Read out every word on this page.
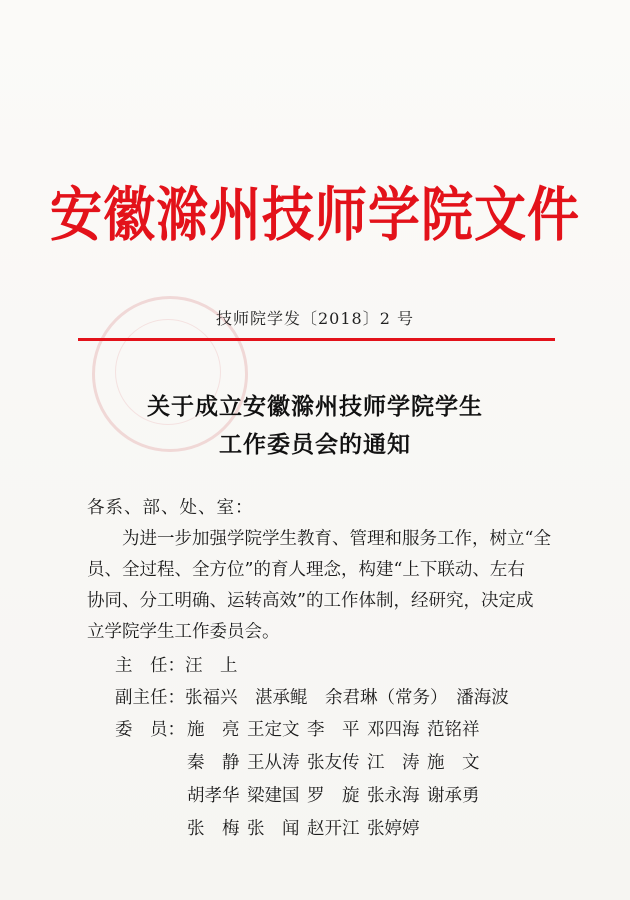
安徽滁州技师学院文件
技师院学发〔2018〕2 号
关于成立安徽滁州技师学院学生
工作委员会的通知
各系、部、处、室：
为进一步加强学院学生教育、管理和服务工作，树立“全
员、全过程、全方位”的育人理念，构建“上下联动、左右
协同、分工明确、运转高效”的工作体制，经研究，决定成
立学院学生工作委员会。
主　任：汪　上
副主任：张福兴　湛承鲲　余君琳（常务）　潘海波
委　员： 施　亮 王定文 李　平 邓四海 范铭祥
秦　静 王从涛 张友传 江　涛 施　文
胡孝华 梁建国 罗　旋 张永海 谢承勇
张　梅 张　闻 赵开江 张婷婷
